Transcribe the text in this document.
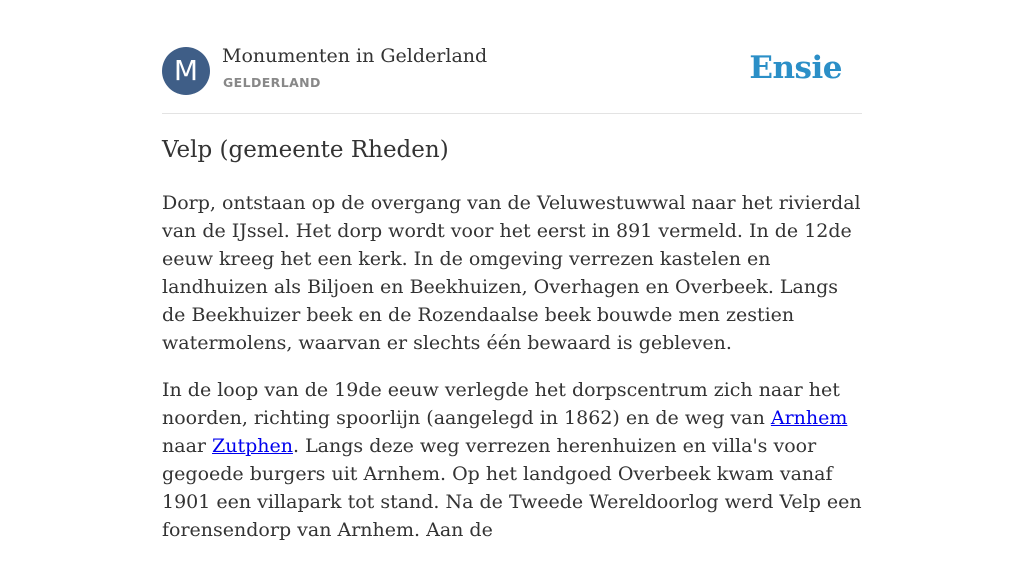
M	Monumenten in Gelderland
GELDERLAND	Ensie
Velp (gemeente Rheden)

Dorp, ontstaan op de overgang van de Veluwestuwwal naar het rivierdal van de IJssel. Het dorp wordt voor het eerst in 891 vermeld. In de 12de eeuw kreeg het een kerk. In de omgeving verrezen kastelen en landhuizen als Biljoen en Beekhuizen, Overhagen en Overbeek. Langs de Beekhuizer beek en de Rozendaalse beek bouwde men zestien watermolens, waarvan er slechts één bewaard is gebleven.

In de loop van de 19de eeuw verlegde het dorpscentrum zich naar het noorden, richting spoorlijn (aangelegd in 1862) en de weg van Arnhem naar Zutphen. Langs deze weg verrezen herenhuizen en villa's voor gegoede burgers uit Arnhem. Op het landgoed Overbeek kwam vanaf 1901 een villapark tot stand. Na de Tweede Wereldoorlog werd Velp een forensendorp van Arnhem. Aan de
